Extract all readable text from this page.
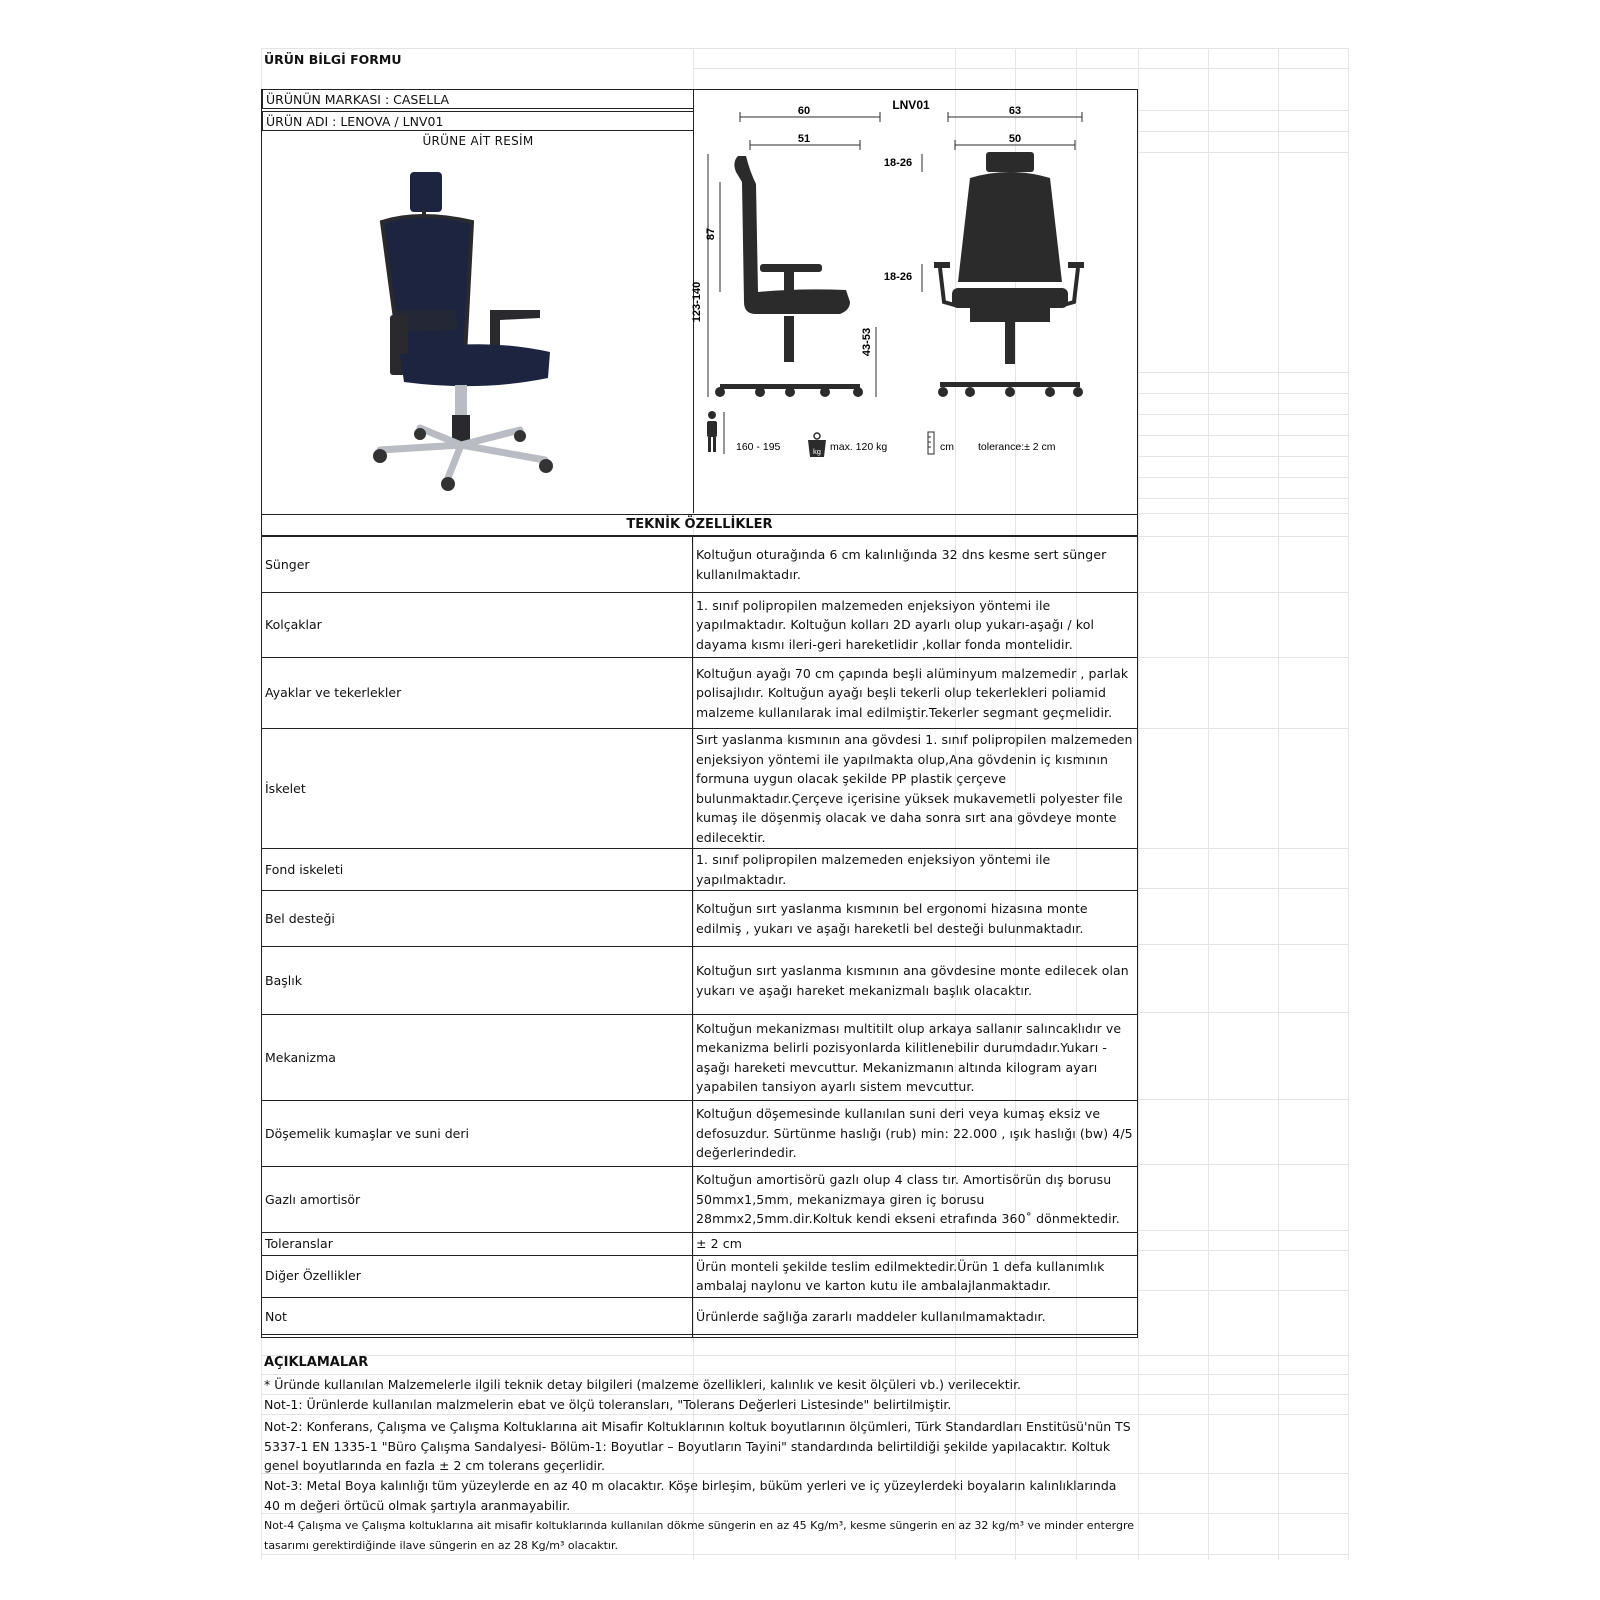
ÜRÜN BİLGİ FORMU
ÜRÜNÜN MARKASI : CASELLA
ÜRÜN ADI : LENOVA / LNV01
ÜRÜNE AİT RESİM
LNV01
60
51
63
50
123-140
87
43-53
18-26
18-26
160 - 195	kg max. 120 kg	cm tolerance:± 2 cm
TEKNİK ÖZELLİKLER
Sünger	Koltuğun oturağında 6 cm kalınlığında 32 dns kesme sert sünger kullanılmaktadır.
Kolçaklar	1. sınıf polipropilen malzemeden enjeksiyon yöntemi ile yapılmaktadır. Koltuğun kolları 2D ayarlı olup yukarı-aşağı / kol dayama kısmı ileri-geri hareketlidir ,kollar fonda montelidir.
Ayaklar ve tekerlekler	Koltuğun ayağı 70 cm çapında beşli alüminyum malzemedir , parlak polisajlıdır. Koltuğun ayağı beşli tekerli olup tekerlekleri poliamid malzeme kullanılarak imal edilmiştir.Tekerler segmant geçmelidir.
İskelet	Sırt yaslanma kısmının ana gövdesi 1. sınıf polipropilen malzemeden enjeksiyon yöntemi ile yapılmakta olup,Ana gövdenin iç kısmının formuna uygun olacak şekilde PP plastik çerçeve bulunmaktadır.Çerçeve içerisine yüksek mukavemetli polyester file kumaş ile döşenmiş olacak ve daha sonra sırt ana gövdeye monte edilecektir.
Fond iskeleti	1. sınıf polipropilen malzemeden enjeksiyon yöntemi ile yapılmaktadır.
Bel desteği	Koltuğun sırt yaslanma kısmının bel ergonomi hizasına monte edilmiş , yukarı ve aşağı hareketli bel desteği bulunmaktadır.
Başlık	Koltuğun sırt yaslanma kısmının ana gövdesine monte edilecek olan yukarı ve aşağı hareket mekanizmalı başlık olacaktır.
Mekanizma	Koltuğun mekanizması multitilt olup arkaya sallanır salıncaklıdır ve mekanizma belirli pozisyonlarda kilitlenebilir durumdadır.Yukarı -aşağı hareketi mevcuttur. Mekanizmanın altında kilogram ayarı yapabilen tansiyon ayarlı sistem mevcuttur.
Döşemelik kumaşlar ve suni deri	Koltuğun döşemesinde kullanılan suni deri veya kumaş eksiz ve defosuzdur. Sürtünme haslığı (rub) min: 22.000 , ışık haslığı (bw) 4/5 değerlerindedir.
Gazlı amortisör	Koltuğun amortisörü gazlı olup 4 class tır. Amortisörün dış borusu 50mmx1,5mm, mekanizmaya giren iç borusu 28mmx2,5mm.dir.Koltuk kendi ekseni etrafında 360˚ dönmektedir.
Toleranslar	± 2 cm
Diğer Özellikler	Ürün monteli şekilde teslim edilmektedir.Ürün 1 defa kullanımlık ambalaj naylonu ve karton kutu ile ambalajlanmaktadır.
Not	Ürünlerde sağlığa zararlı maddeler kullanılmamaktadır.
AÇIKLAMALAR
* Üründe kullanılan Malzemelerle ilgili teknik detay bilgileri (malzeme özellikleri, kalınlık ve kesit ölçüleri vb.) verilecektir.
Not-1: Ürünlerde kullanılan malzmelerin ebat ve ölçü toleransları, "Tolerans Değerleri Listesinde" belirtilmiştir.
Not-2: Konferans, Çalışma ve Çalışma Koltuklarına ait Misafir Koltuklarının koltuk boyutlarının ölçümleri, Türk Standardları Enstitüsü'nün TS 5337-1 EN 1335-1 "Büro Çalışma Sandalyesi- Bölüm-1: Boyutlar – Boyutların Tayini" standardında belirtildiği şekilde yapılacaktır. Koltuk genel boyutlarında en fazla ± 2 cm tolerans geçerlidir.
Not-3: Metal Boya kalınlığı tüm yüzeylerde en az 40 m olacaktır. Köşe birleşim, büküm yerleri ve iç yüzeylerdeki boyaların kalınlıklarında 40 m değeri örtücü olmak şartıyla aranmayabilir.
Not-4 Çalışma ve Çalışma koltuklarına ait misafir koltuklarında kullanılan dökme süngerin en az 45 Kg/m³, kesme süngerin en az 32 kg/m³ ve minder entergre tasarımı gerektirdiğinde ilave süngerin en az 28 Kg/m³ olacaktır.
